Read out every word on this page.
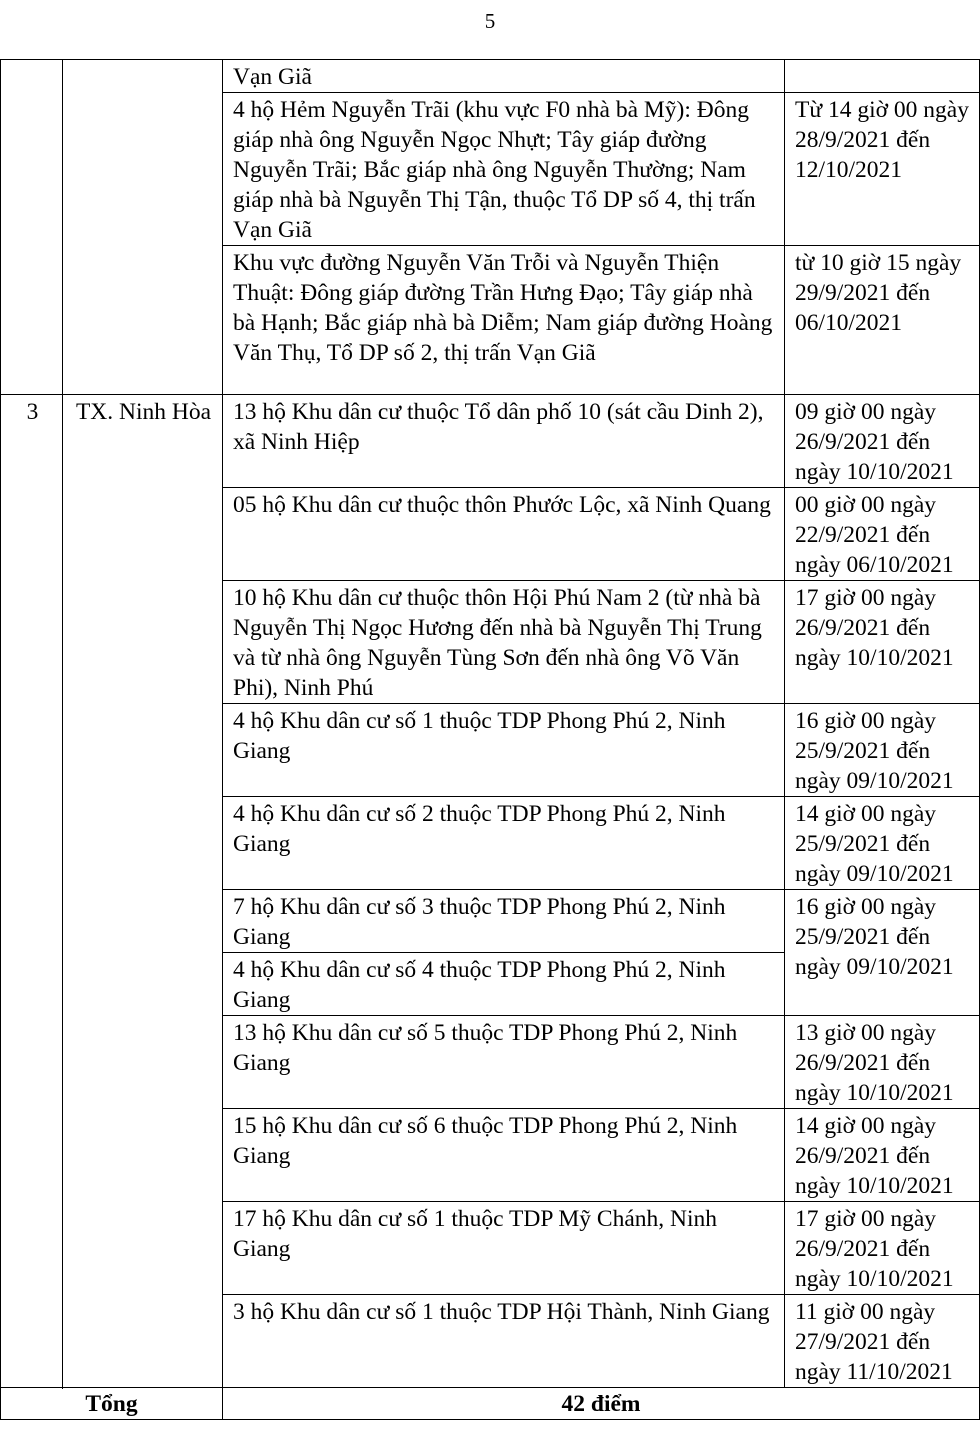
5
		Vạn Giã	
		4 hộ Hẻm Nguyễn Trãi (khu vực F0 nhà bà Mỹ): Đông giáp nhà ông Nguyễn Ngọc Nhựt; Tây giáp đường Nguyễn Trãi; Bắc giáp nhà ông Nguyễn Thường; Nam giáp nhà bà Nguyễn Thị Tận, thuộc Tổ DP số 4, thị trấn Vạn Giã	Từ 14 giờ 00 ngày 28/9/2021 đến 12/10/2021
		Khu vực đường Nguyễn Văn Trỗi và Nguyễn Thiện Thuật: Đông giáp đường Trần Hưng Đạo; Tây giáp nhà bà Hạnh; Bắc giáp nhà bà Diễm; Nam giáp đường Hoàng Văn Thụ, Tổ DP số 2, thị trấn Vạn Giã	từ 10 giờ 15 ngày 29/9/2021 đến 06/10/2021
3	TX. Ninh Hòa	13 hộ Khu dân cư thuộc Tổ dân phố 10 (sát cầu Dinh 2), xã Ninh Hiệp	09 giờ 00 ngày 26/9/2021 đến ngày 10/10/2021
		05 hộ Khu dân cư thuộc thôn Phước Lộc, xã Ninh Quang	00 giờ 00 ngày 22/9/2021 đến ngày 06/10/2021
		10 hộ Khu dân cư thuộc thôn Hội Phú Nam 2 (từ nhà bà Nguyễn Thị Ngọc Hương đến nhà bà Nguyễn Thị Trung và từ nhà ông Nguyễn Tùng Sơn đến nhà ông Võ Văn Phi), Ninh Phú	17 giờ 00 ngày 26/9/2021 đến ngày 10/10/2021
		4 hộ Khu dân cư số 1 thuộc TDP Phong Phú 2, Ninh Giang	16 giờ 00 ngày 25/9/2021 đến ngày 09/10/2021
		4 hộ Khu dân cư số 2 thuộc TDP Phong Phú 2, Ninh Giang	14 giờ 00 ngày 25/9/2021 đến ngày 09/10/2021
		7 hộ Khu dân cư số 3 thuộc TDP Phong Phú 2, Ninh Giang	16 giờ 00 ngày 25/9/2021 đến ngày 09/10/2021
		4 hộ Khu dân cư số 4 thuộc TDP Phong Phú 2, Ninh Giang	
		13 hộ Khu dân cư số 5 thuộc TDP Phong Phú 2, Ninh Giang	13 giờ 00 ngày 26/9/2021 đến ngày 10/10/2021
		15 hộ Khu dân cư số 6 thuộc TDP Phong Phú 2, Ninh Giang	14 giờ 00 ngày 26/9/2021 đến ngày 10/10/2021
		17 hộ Khu dân cư số 1 thuộc TDP Mỹ Chánh, Ninh Giang	17 giờ 00 ngày 26/9/2021 đến ngày 10/10/2021
		3 hộ Khu dân cư số 1 thuộc TDP Hội Thành, Ninh Giang	11 giờ 00 ngày 27/9/2021 đến ngày 11/10/2021

Tổng		42 điểm	
